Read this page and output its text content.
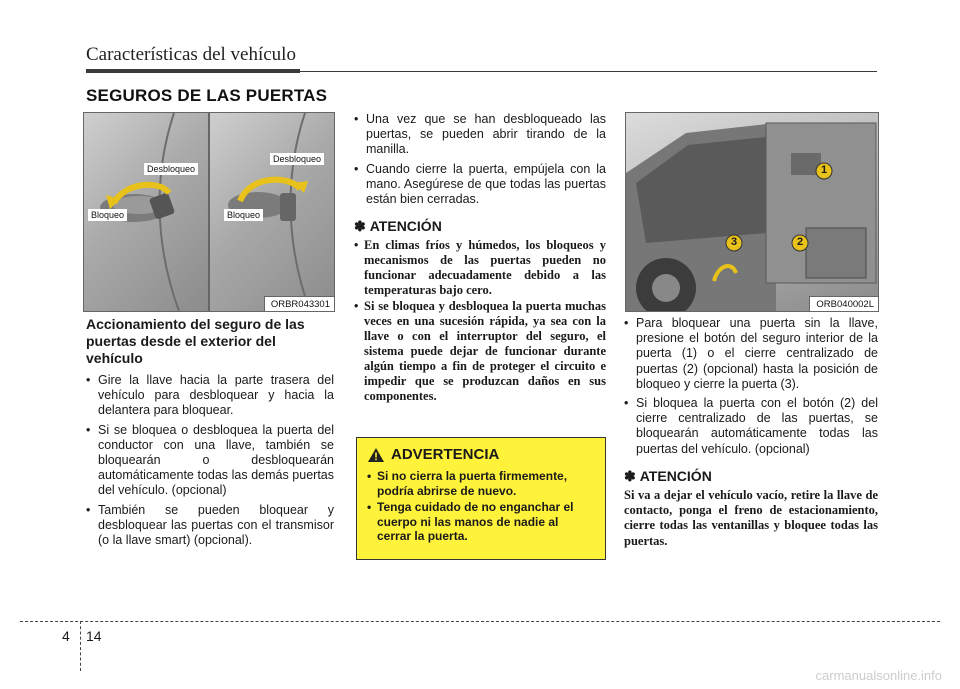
Características del vehículo
SEGUROS DE LAS PUERTAS
Desbloqueo
Bloqueo
Desbloqueo
Bloqueo
ORBR043301
1
2
3
ORB040002L
Accionamiento del seguro de las puertas desde el exterior del vehículo
• Gire la llave hacia la parte trasera del vehículo para desbloquear y hacia la delantera para bloquear.
• Si se bloquea o desbloquea la puerta del conductor con una llave, también se bloquearán o desbloquearán automáticamente todas las demás puertas del vehículo. (opcional)
• También se pueden bloquear y desbloquear las puertas con el transmisor (o la llave smart) (opcional).
• Una vez que se han desbloqueado las puertas, se pueden abrir tirando de la manilla.
• Cuando cierre la puerta, empújela con la mano. Asegúrese de que todas las puertas están bien cerradas.
✽ ATENCIÓN
• En climas fríos y húmedos, los bloqueos y mecanismos de las puertas pueden no funcionar adecuadamente debido a las temperaturas bajo cero.
• Si se bloquea y desbloquea la puerta muchas veces en una sucesión rápida, ya sea con la llave o con el interruptor del seguro, el sistema puede dejar de funcionar durante algún tiempo a fin de proteger el circuito e impedir que se produzcan daños en sus componentes.
ADVERTENCIA
• Si no cierra la puerta firmemente, podría abrirse de nuevo.
• Tenga cuidado de no enganchar el cuerpo ni las manos de nadie al cerrar la puerta.
• Para bloquear una puerta sin la llave, presione el botón del seguro interior de la puerta (1) o el cierre centralizado de puertas (2) (opcional) hasta la posición de bloqueo y cierre la puerta (3).
• Si bloquea la puerta con el botón (2) del cierre centralizado de las puertas, se bloquearán automáticamente todas las puertas del vehículo. (opcional)
✽ ATENCIÓN

Si va a dejar el vehículo vacío, retire la llave de contacto, ponga el freno de estacionamiento, cierre todas las ventanillas y bloquee todas las puertas.

4 14
carmanualsonline.info
